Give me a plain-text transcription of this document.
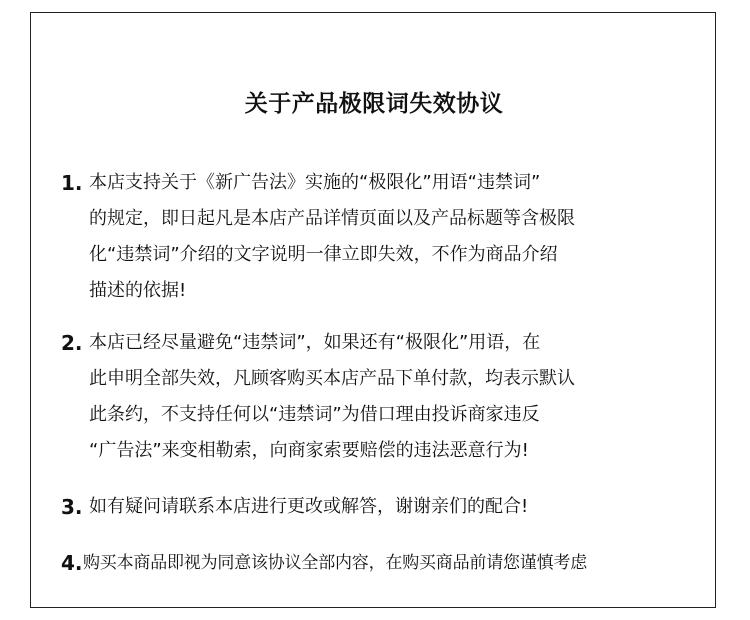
关于产品极限词失效协议
1. 本店支持关于《新广告法》实施的“极限化”用语“违禁词”
的规定，即日起凡是本店产品详情页面以及产品标题等含极限
化“违禁词”介绍的文字说明一律立即失效，不作为商品介绍
描述的依据!
2. 本店已经尽量避免“违禁词”，如果还有“极限化”用语，在
此申明全部失效，凡顾客购买本店产品下单付款，均表示默认
此条约，不支持任何以“违禁词”为借口理由投诉商家违反
“广告法”来变相勒索，向商家索要赔偿的违法恶意行为!
3. 如有疑问请联系本店进行更改或解答，谢谢亲们的配合!
4. 购买本商品即视为同意该协议全部内容，在购买商品前请您谨慎考虑
